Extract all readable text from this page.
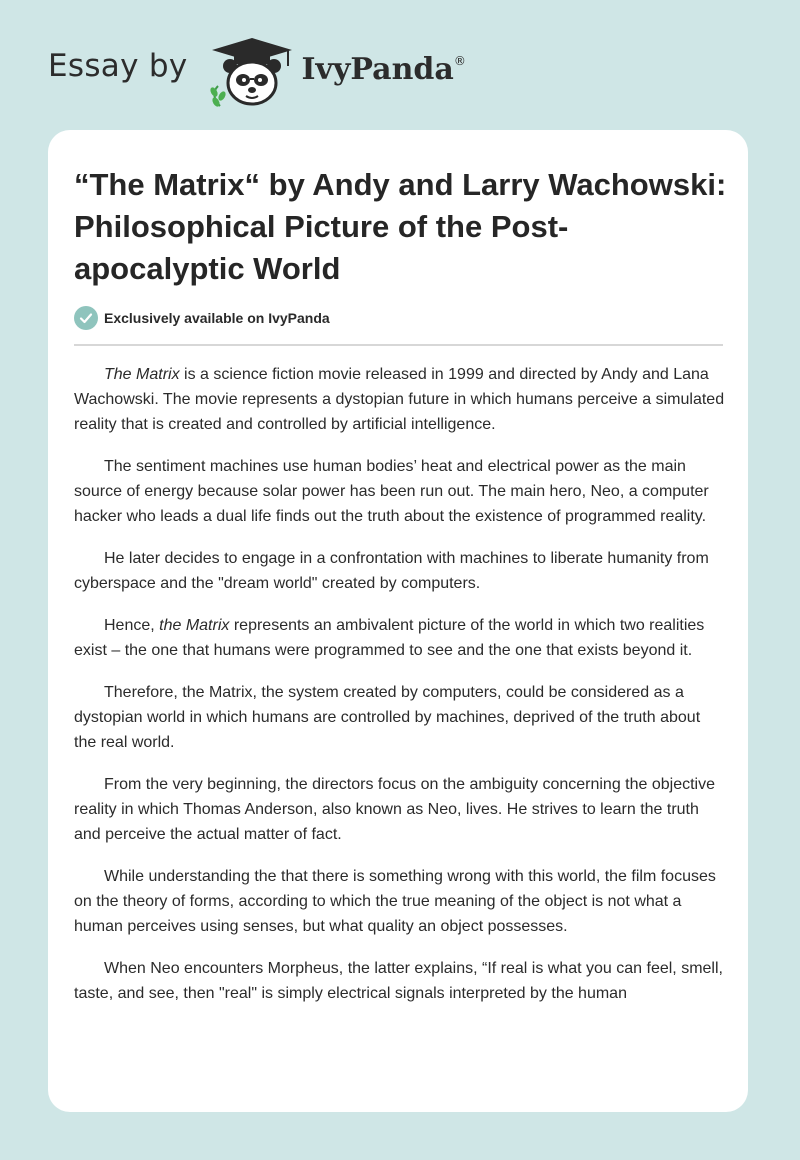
Essay by	IvyPanda®
“The Matrix“ by Andy and Larry Wachowski: Philosophical Picture of the Post-apocalyptic World
Exclusively available on IvyPanda

The Matrix is a science fiction movie released in 1999 and directed by Andy and Lana Wachowski. The movie represents a dystopian future in which humans perceive a simulated reality that is created and controlled by artificial intelligence.

The sentiment machines use human bodies’ heat and electrical power as the main source of energy because solar power has been run out. The main hero, Neo, a computer hacker who leads a dual life finds out the truth about the existence of programmed reality.

He later decides to engage in a confrontation with machines to liberate humanity from cyberspace and the "dream world" created by computers.

Hence, the Matrix represents an ambivalent picture of the world in which two realities exist – the one that humans were programmed to see and the one that exists beyond it.

Therefore, the Matrix, the system created by computers, could be considered as a dystopian world in which humans are controlled by machines, deprived of the truth about the real world.

From the very beginning, the directors focus on the ambiguity concerning the objective reality in which Thomas Anderson, also known as Neo, lives. He strives to learn the truth and perceive the actual matter of fact.

While understanding the that there is something wrong with this world, the film focuses on the theory of forms, according to which the true meaning of the object is not what a human perceives using senses, but what quality an object possesses.

When Neo encounters Morpheus, the latter explains, “If real is what you can feel, smell, taste, and see, then "real" is simply electrical signals interpreted by the human
